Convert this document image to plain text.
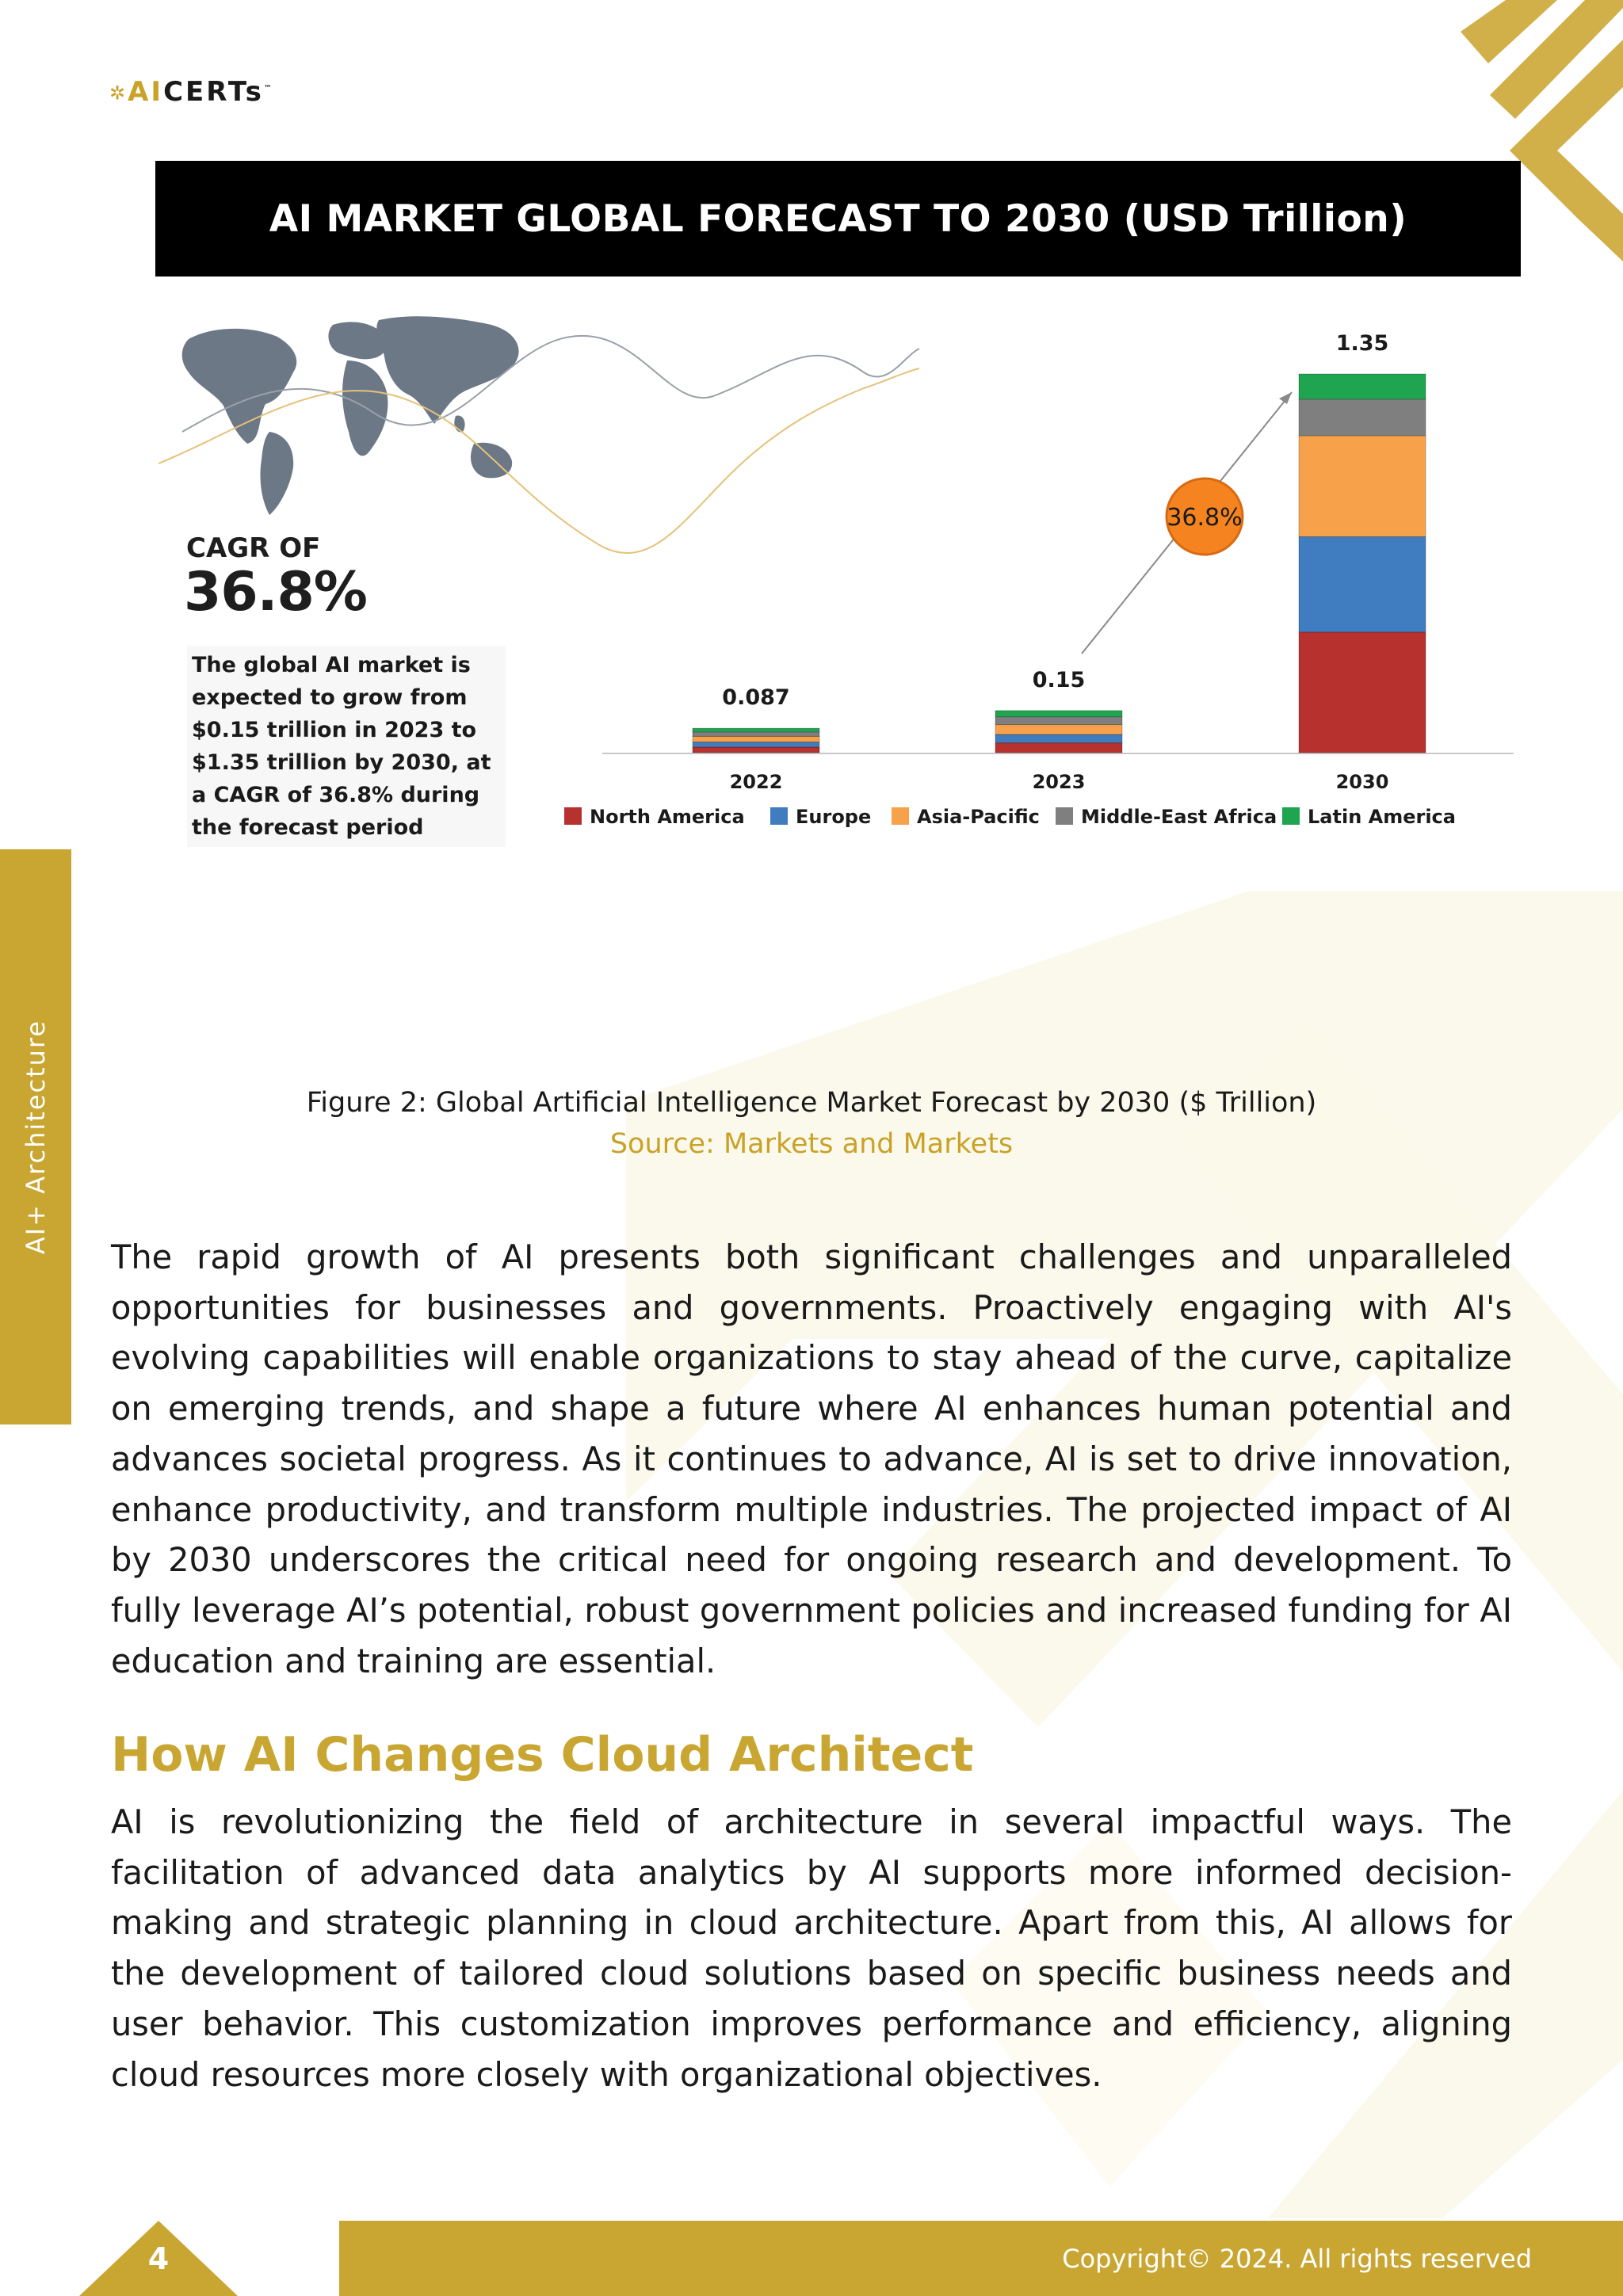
✲AICERTs™
AI+ Architecture
AI MARKET GLOBAL FORECAST TO 2030 (USD Trillion)
0.087
0.15
1.35
2022	2023	2030
36.8%
North America	Europe Asia-Pacific Middle-East Africa Latin America
CAGR OF
36.8%
The global AI market is expected to grow from $0.15 trillion in 2023 to $1.35 trillion by 2030, at a CAGR of 36.8% during the forecast period
Figure 2: Global Artificial Intelligence Market Forecast by 2030 ($ Trillion)
Source: Markets and Markets
The rapid growth of AI presents both significant challenges and unparalleled opportunities for businesses and governments. Proactively engaging with AI's evolving capabilities will enable organizations to stay ahead of the curve, capitalize on emerging trends, and shape a future where AI enhances human potential and advances societal progress. As it continues to advance, AI is set to drive innovation, enhance productivity, and transform multiple industries. The projected impact of AI by 2030 underscores the critical need for ongoing research and development. To fully leverage AI’s potential, robust government policies and increased funding for AI education and training are essential.
How AI Changes Cloud Architect
AI is revolutionizing the field of architecture in several impactful ways. The facilitation of advanced data analytics by AI supports more informed decision-making and strategic planning in cloud architecture. Apart from this, AI allows for the development of tailored cloud solutions based on specific business needs and user behavior. This customization improves performance and efficiency, aligning cloud resources more closely with organizational objectives.
4	Copyright© 2024. All rights reserved
